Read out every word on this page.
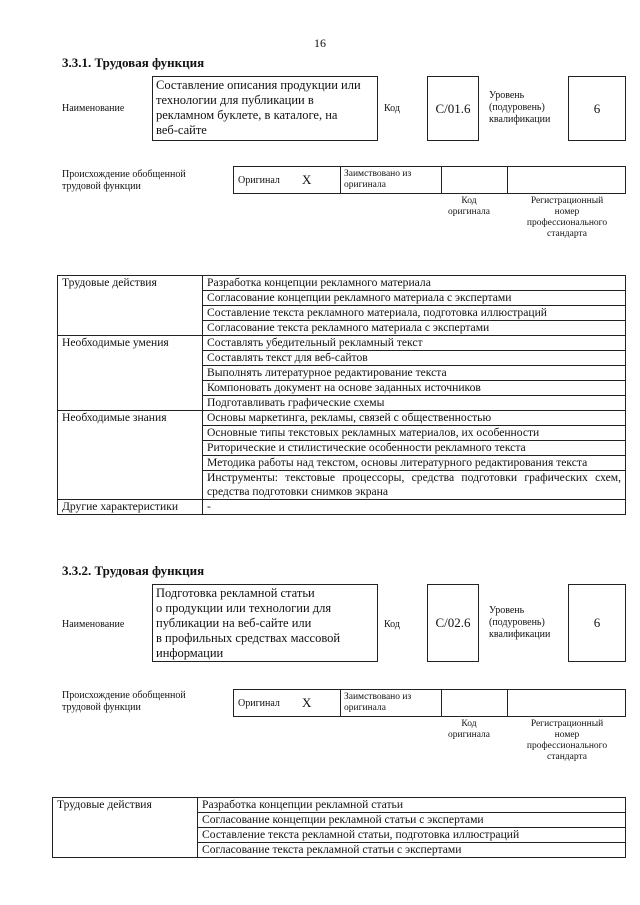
16
3.3.1. Трудовая функция
Наименование
Составление описания продукции или
технологии для публикации в
рекламном буклете, в каталоге, на
веб-сайте
Код	С/01.6
Уровень
(подуровень)
квалификации
6
Происхождение обобщенной
трудовой функции
Оригинал X	Заимствовано из
оригинала
Код
оригинала
Регистрационный
номер
профессионального
стандарта
Трудовые действия	Разработка концепции рекламного материала
	Согласование концепции рекламного материала с экспертами
	Составление текста рекламного материала, подготовка иллюстраций
	Согласование текста рекламного материала с экспертами
Необходимые умения	Составлять убедительный рекламный текст
	Составлять текст для веб-сайтов
	Выполнять литературное редактирование текста
	Компоновать документ на основе заданных источников
	Подготавливать графические схемы
Необходимые знания	Основы маркетинга, рекламы, связей с общественностью
	Основные типы текстовых рекламных материалов, их особенности
	Риторические и стилистические особенности рекламного текста
	Методика работы над текстом, основы литературного редактирования текста
	Инструменты: текстовые процессоры, средства подготовки графических схем, средства подготовки снимков экрана
Другие характеристики	-
3.3.2. Трудовая функция
Наименование
Подготовка рекламной статьи
о продукции или технологии для
публикации на веб-сайте или
в профильных средствах массовой
информации
Код	С/02.6
Уровень
(подуровень)
квалификации
6
Происхождение обобщенной
трудовой функции	Оригинал X	Заимствовано из
оригинала
Код
оригинала
Регистрационный
номер
профессионального
стандарта
Трудовые действия	Разработка концепции рекламной статьи
Согласование концепции рекламной статьи с экспертами
Составление текста рекламной статьи, подготовка иллюстраций
Согласование текста рекламной статьи с экспертами
